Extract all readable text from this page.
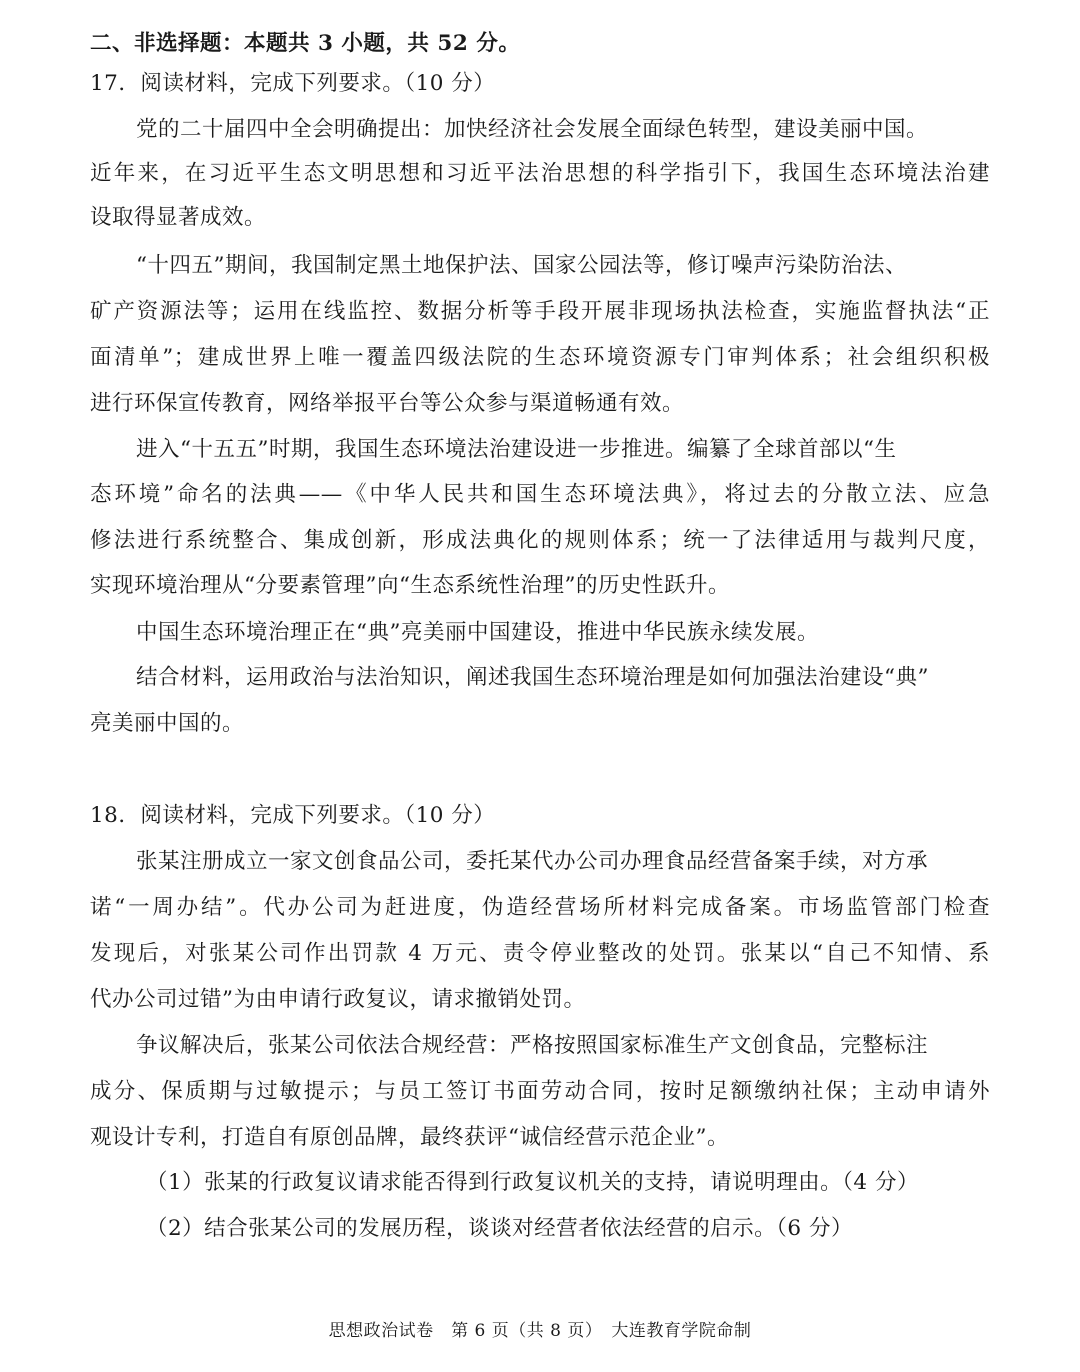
二、非选择题：本题共 3 小题，共 52 分。
17．阅读材料，完成下列要求。（10 分）
党的二十届四中全会明确提出：加快经济社会发展全面绿色转型，建设美丽中国。
近年来，在习近平生态文明思想和习近平法治思想的科学指引下，我国生态环境法治建
设取得显著成效。
“十四五”期间，我国制定黑土地保护法、国家公园法等，修订噪声污染防治法、
矿产资源法等；运用在线监控、数据分析等手段开展非现场执法检查，实施监督执法“正
面清单”；建成世界上唯一覆盖四级法院的生态环境资源专门审判体系；社会组织积极
进行环保宣传教育，网络举报平台等公众参与渠道畅通有效。
进入“十五五”时期，我国生态环境法治建设进一步推进。编纂了全球首部以“生
态环境”命名的法典——《中华人民共和国生态环境法典》，将过去的分散立法、应急
修法进行系统整合、集成创新，形成法典化的规则体系；统一了法律适用与裁判尺度，
实现环境治理从“分要素管理”向“生态系统性治理”的历史性跃升。
中国生态环境治理正在“典”亮美丽中国建设，推进中华民族永续发展。
结合材料，运用政治与法治知识，阐述我国生态环境治理是如何加强法治建设“典”
亮美丽中国的。
18．阅读材料，完成下列要求。（10 分）
张某注册成立一家文创食品公司，委托某代办公司办理食品经营备案手续，对方承
诺“一周办结”。代办公司为赶进度，伪造经营场所材料完成备案。市场监管部门检查
发现后，对张某公司作出罚款 4 万元、责令停业整改的处罚。张某以“自己不知情、系
代办公司过错”为由申请行政复议，请求撤销处罚。
争议解决后，张某公司依法合规经营：严格按照国家标准生产文创食品，完整标注
成分、保质期与过敏提示；与员工签订书面劳动合同，按时足额缴纳社保；主动申请外
观设计专利，打造自有原创品牌，最终获评“诚信经营示范企业”。
（1）张某的行政复议请求能否得到行政复议机关的支持，请说明理由。（4 分）
（2）结合张某公司的发展历程，谈谈对经营者依法经营的启示。（6 分）
思想政治试卷　第 6 页（共 8 页）　大连教育学院命制
